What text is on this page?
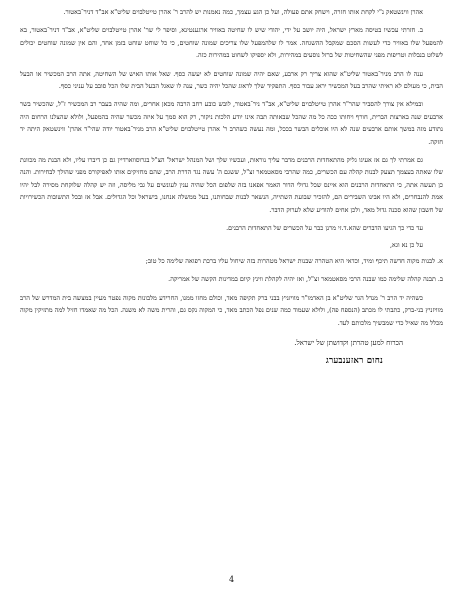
אהרן ווינשטאק נ"י לקחת אותו חזרה, וישחק אתם פעולה, ועל כן הגע עצמך, כמה נאמנות יש להרב ר' אהרן טייטלבוים שליט"א אב"ד דניר־באטור.

ב. חזרתי עכשיו בטיסה מארץ ישראל, היה יושב על ידי, יהודי שיש לו שחיטה באוויר ארגענטינא, וסיפר לי שר' אהרן טייטלבוים שליט"א, אב"ד דניר־באטור, בא להמפעל שלו באוויר כדי לעשות הסכם שמקבל ההשגחה. אמר לו שלהמפעל שלו צריכים שמונה שוחטים, כי כל שוחט שוחט בזמן אחד, והם אין שמונה שוחטים יכולים לשלוט בנבלות וטריפות מפני שהשחיטות של ברזל נוסעים במהירות, ולא יספיקו לשחוט במהירות כזה.

ענה לו הרב מניר־באטור שליט"א שהוא צריך רק ארבע, שאם יהיה שמונה שוחטים לא יעשה כסף. שאל אותו האיש של השחיטה, אתה הרב המכשיר או הבעל הבית, כי מעולם לא ראיתי שהרב בעל המכשיר יראג עבור כסף. התפקיד שלך לראוג שהכל יהיה כשר, ענה לו שאגל הבעל הבית שלו הכל סובב על עניני כסף.

ובמילא אין צורך להסביר שהר"ר אהרן טייטלבוים שליט"א, אב"ד ניר־באטור, לובש כובע רחב הרבה מכאן אחרים, ומה שהיה בעבר רב המכשיר ז"ל, שהכשיר בשר ארבעים שנה בארצות הברית, חורף ויחותו ככה כל מה שהכל שבאותה תבה אינו יודע הלכות ניקור, רק הוא סמך על איזה מכשר שהיה בהמפעל, ולולא שהצלנו הרחום היה נתודע מזה במשך אותם ארבעים שנה לא היו אוכלים הבשר בככל, ומה נעשה כשהרב ר' אהרן טייטלבוים שליט"א הרב מניר־באטור יודה שהי"ד אהרן' ווינשטאק היתה יד חזקה.

גם אמרתי לך גם אז אעיגו גליק מהתאחדות הרבנים מדבר עליך נוראות, ועכשיו שלך ושל המנהל ישראל' הצ"ל בגרוסווארדיין גם כן דיברו עליו, ולא הבנת מה מכוונת שלו שאתה בעצמך תצעק לבנות קהלה עם הכשרים, כמה שהרבי מסאטמאר זצ"ל, ששגם ה' עשה נגד הדרת הרב, שהם מחזיקים אותו לאפיקורס מפני שהולך לבחירות. והנה כן תעשה אתה, כי התאחדות הרבנים הוא איינס שכל גדולי הדור האמר אפאנו בזה שלפום הכל שהיה ענין לעונשים על גבי מליסה, וזה יש קהלה שלוקחת מסירה לבל יהיו אמת להנבחרים, ולא היו אבינו השבירים הם, להזכיר שבועת השתייה, הנשאר לבנות שבחותנו, בעל ממשלה אנחנו, בישראל וכל הגדולים. אבל אז ובכל התשובות הכשירויות של חשבון שהוא סכנה גדול מאד, ולכן אחים להודיע שלא לערוק הדבר.

עד כדי כך הגיעו הדברים שהא.ד.זי מרנן כבר על הכשרים של התאחדות הרבנים.

על כן נא וגא,

א. לבנות מקוה חדשה תיכף ומיד, וכדאי היא הטהרה שבנות ישראל מטהרות בזה שיחול עליו ברכת רפואה שלימה כל טוב;

ב. תבנה קהלה שלימה כמו שבנה הרבי מסאטמאר זצ"ל, ואז יהיה לקהלת ווינץ קיום במדינות הקשה של אמריקה.

כשהיה יד הרב ר' מנדל הגר שליט"א בן האדמו"ר מוויזניץ בבני ברק תקיפה מאד, וכולם מחזו ממנו, החרידע מלבונות מקוה נפטר מעיין במצשה בית המדרש של הרב מוויזניץ בני-ברק, כתבתי לו מכתב (הנספח פה), ולולא שעמוד כמה שנים נפל הכתב מאד, כי המקוה נקס גם, והרית משה לא משנה. הכל מה שאמדו חזיל למה מתזיקין מקוה מכלל מה שאיל כדי שמבשיך מלכותם לעד.

הכרוח למען טהרתן וקדושתן של ישראל.
נחום ראזענבערג
4
